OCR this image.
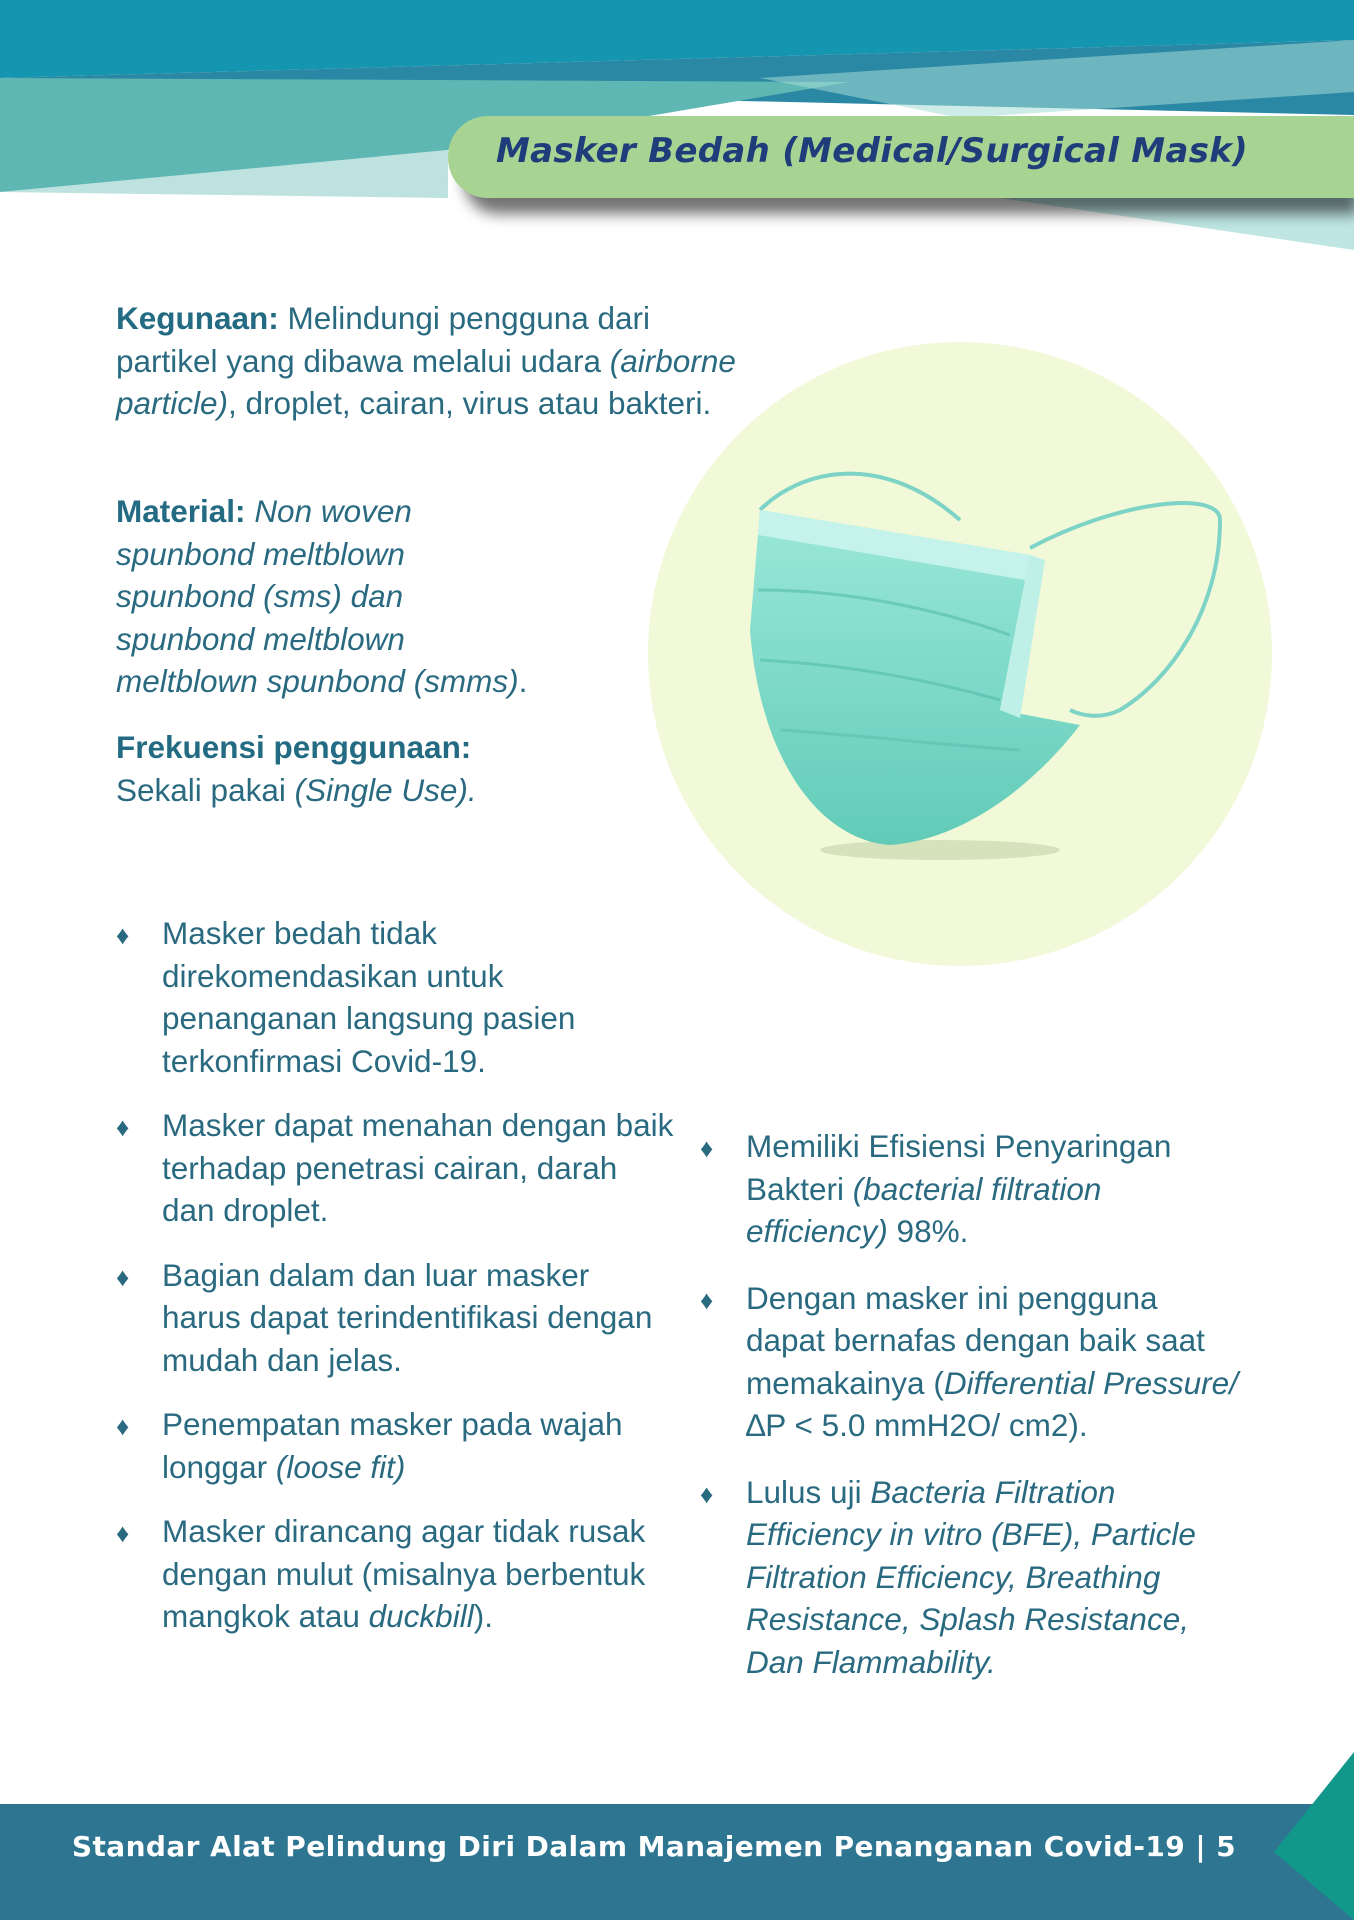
Masker Bedah (Medical/Surgical Mask)
Kegunaan: Melindungi pengguna dari partikel yang dibawa melalui udara (airborne particle), droplet, cairan, virus atau bakteri.
Material: Non woven spunbond meltblown spunbond (sms) dan spunbond meltblown meltblown spunbond (smms).
Frekuensi penggunaan:
Sekali pakai (Single Use).
♦ Masker bedah tidak direkomendasikan untuk penanganan langsung pasien terkonfirmasi Covid-19.
♦ Masker dapat menahan dengan baik terhadap penetrasi cairan, darah dan droplet.
♦ Bagian dalam dan luar masker harus dapat terindentifikasi dengan mudah dan jelas.
♦ Penempatan masker pada wajah longgar (loose fit)
♦ Masker dirancang agar tidak rusak dengan mulut (misalnya berbentuk mangkok atau duckbill).
♦ Memiliki Efisiensi Penyaringan Bakteri (bacterial filtration efficiency) 98%.
♦ Dengan masker ini pengguna dapat bernafas dengan baik saat memakainya (Differential Pressure/∆P < 5.0 mmH2O/ cm2).
♦ Lulus uji Bacteria Filtration Efficiency in vitro (BFE), Particle Filtration Efficiency, Breathing Resistance, Splash Resistance, Dan Flammability.
Standar Alat Pelindung Diri Dalam Manajemen Penanganan Covid-19 | 5
